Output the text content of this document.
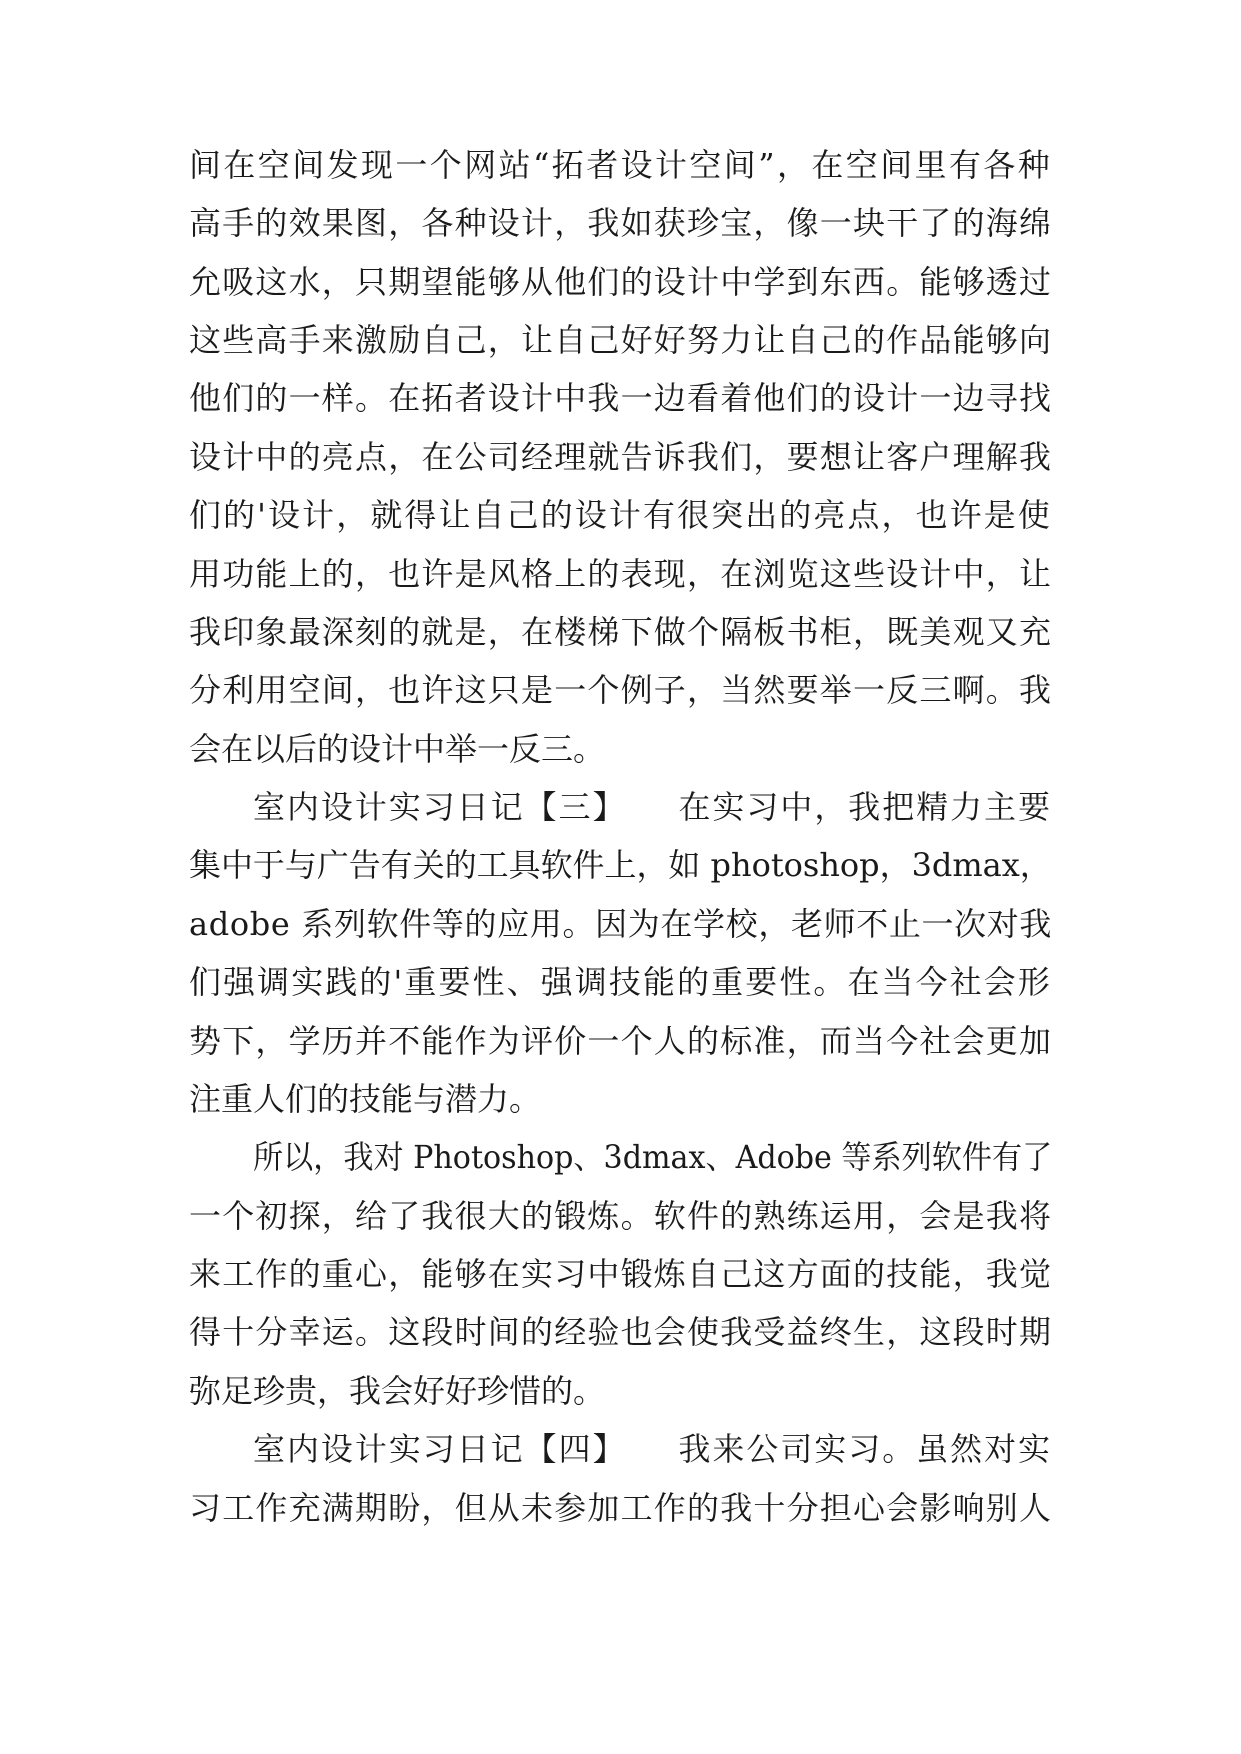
间在空间发现一个网站“拓者设计空间”，在空间里有各种
高手的效果图，各种设计，我如获珍宝，像一块干了的海绵
允吸这水，只期望能够从他们的设计中学到东西。能够透过
这些高手来激励自己，让自己好好努力让自己的作品能够向
他们的一样。在拓者设计中我一边看着他们的设计一边寻找
设计中的亮点，在公司经理就告诉我们，要想让客户理解我
们的'设计，就得让自己的设计有很突出的亮点，也许是使
用功能上的，也许是风格上的表现，在浏览这些设计中，让
我印象最深刻的就是，在楼梯下做个隔板书柜，既美观又充
分利用空间，也许这只是一个例子，当然要举一反三啊。我
会在以后的设计中举一反三。
室内设计实习日记【三】　　在实习中，我把精力主要
集中于与广告有关的工具软件上，如 photoshop，3dmax，
adobe 系列软件等的应用。因为在学校，老师不止一次对我
们强调实践的'重要性、强调技能的重要性。在当今社会形
势下，学历并不能作为评价一个人的标准，而当今社会更加
注重人们的技能与潜力。
所以，我对 Photoshop、3dmax、Adobe 等系列软件有了
一个初探，给了我很大的锻炼。软件的熟练运用，会是我将
来工作的重心，能够在实习中锻炼自己这方面的技能，我觉
得十分幸运。这段时间的经验也会使我受益终生，这段时期
弥足珍贵，我会好好珍惜的。
室内设计实习日记【四】　　我来公司实习。虽然对实
习工作充满期盼，但从未参加工作的我十分担心会影响别人
